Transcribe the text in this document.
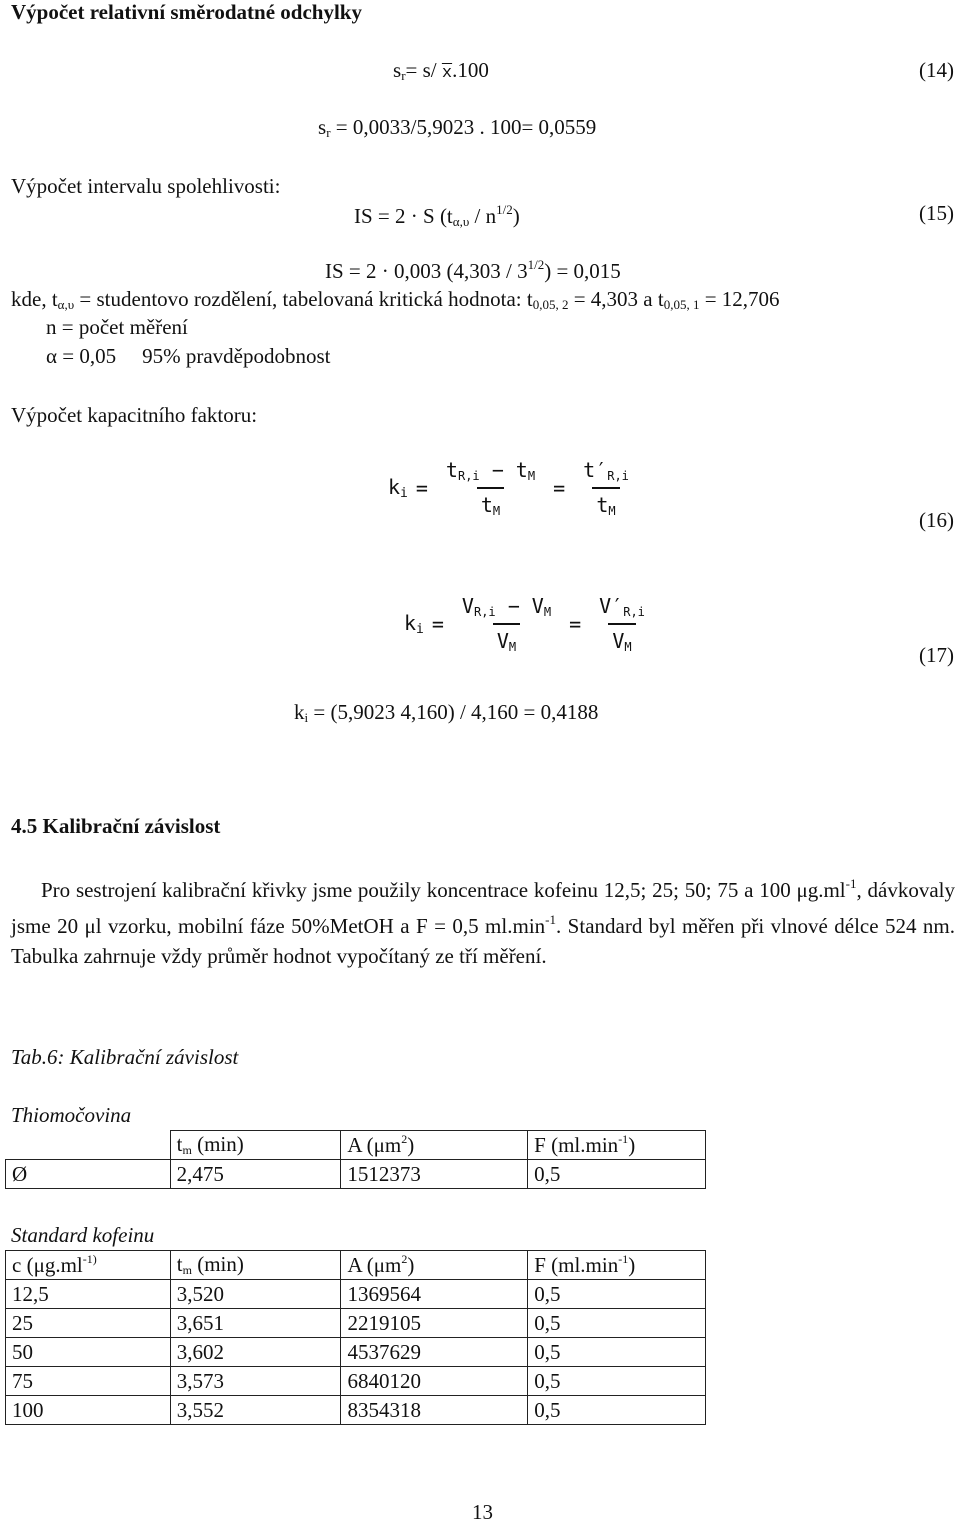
Výpočet relativní směrodatné odchylky
$s_r= s/$ $\overline{x}.100$	(14)
$s_r = 0,0033/5,9023$ . 100= 0,0559
Výpočet intervalu spolehlivosti:
IS = 2 · S $(t_{\alpha,\upsilon} / n^{1/2})$	(15)
IS = 2 · 0,003 $(4,303 / 3^{1/2}) = 0,015$
kde, $t_{\alpha,\upsilon}$ = studentovo rozdělení, tabelovaná kritická hodnota: $t_{0,05, 2} = 4,303$ a $t_{0,05, 1} = 12,706$
n = počet měření
α = 0,05 95% pravděpodobnost
Výpočet kapacitního faktoru:
$k_i = \frac{t_{R,i} - t_M}{t_M} = \frac{t'_{R,i}}{t_M}$
(16)
$k_i = \frac{V_{R,i} - V_M}{V_M} = \frac{V'_{R,i}}{V_M}$
(17)
$k_i = (5,9023$ 4,160) / 4,160 = 0,4188
4.5 Kalibrační závislost
Pro sestrojení kalibrační křivky jsme použily koncentrace kofeinu 12,5; 25; 50; 75 a 100 $\mu g.ml^{-1}$, dávkovaly jsme 20 μl vzorku, mobilní fáze 50%MetOH a F = 0,5 $ml.\min^{-1}$. Standard byl měřen při vlnové délce 524 nm. Tabulka zahrnuje vždy průměr hodnot vypočítaný ze tří měření.
Tab.6: Kalibrační závislost
Thiomočovina
	$t_m$ (min)	A $(\mu m^2)$	F $(ml.\min^{-1})$
Ø	2,475	1512373	0,5
Standard kofeinu
c ($\mu g.ml^{-1)}$	$t_m$ (min)	A $(\mu m^2)$	F $(ml.\min^{-1})$
12,5	3,520	1369564	0,5
25	3,651	2219105	0,5
50	3,602	4537629	0,5
75	3,573	6840120	0,5
100	3,552	8354318	0,5
13
